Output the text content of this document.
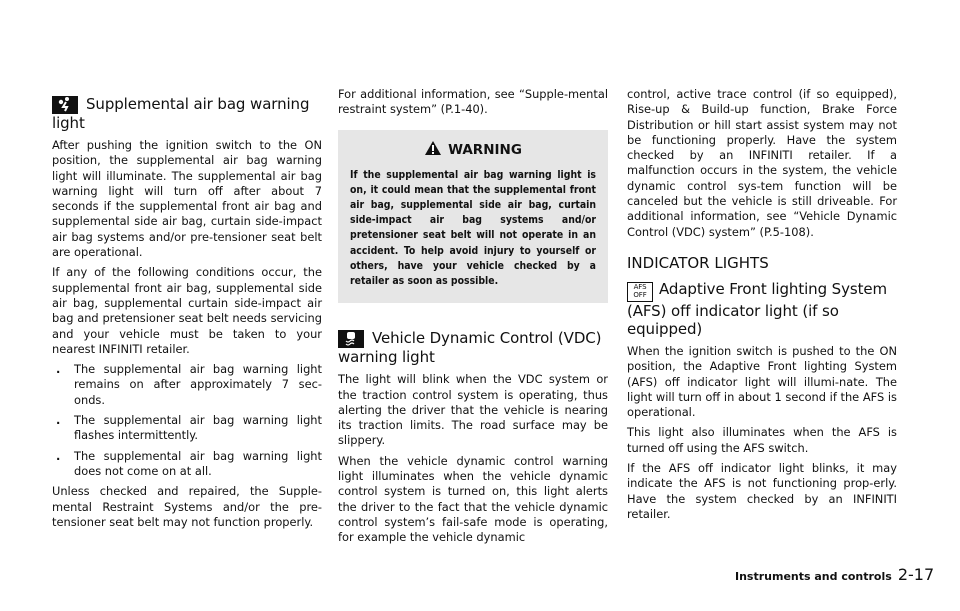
Supplemental air bag warning light

After pushing the ignition switch to the ON position, the supplemental air bag warning light will illuminate. The supplemental air bag warning light will turn off after about 7 seconds if the supplemental front air bag and supplemental side air bag, curtain side-impact air bag systems and/or pre-tensioner seat belt are operational.

If any of the following conditions occur, the supplemental front air bag, supplemental side air bag, supplemental curtain side-impact air bag and pretensioner seat belt needs servicing and your vehicle must be taken to your nearest INFINITI retailer.

. The supplemental air bag warning light remains on after approximately 7 sec-onds.
. The supplemental air bag warning light flashes intermittently.
. The supplemental air bag warning light does not come on at all.

Unless checked and repaired, the Supple-mental Restraint Systems and/or the pre-tensioner seat belt may not function properly.

For additional information, see “Supple-mental restraint system” (P.1-40).

WARNING

If the supplemental air bag warning light is on, it could mean that the supplemental front air bag, supplemental side air bag, curtain side-impact air bag systems and/or pretensioner seat belt will not operate in an accident. To help avoid injury to yourself or others, have your vehicle checked by a retailer as soon as possible.

Vehicle Dynamic Control (VDC) warning light

The light will blink when the VDC system or the traction control system is operating, thus alerting the driver that the vehicle is nearing its traction limits. The road surface may be slippery.

When the vehicle dynamic control warning light illuminates when the vehicle dynamic control system is turned on, this light alerts the driver to the fact that the vehicle dynamic control system’s fail-safe mode is operating, for example the vehicle dynamic

control, active trace control (if so equipped), Rise-up & Build-up function, Brake Force Distribution or hill start assist system may not be functioning properly. Have the system checked by an INFINITI retailer. If a malfunction occurs in the system, the vehicle dynamic control sys-tem function will be canceled but the vehicle is still driveable. For additional information, see “Vehicle Dynamic Control (VDC) system” (P.5-108).

INDICATOR LIGHTS
AFS
OFF Adaptive Front lighting System (AFS) off indicator light (if so equipped)

When the ignition switch is pushed to the ON position, the Adaptive Front lighting System (AFS) off indicator light will illumi-nate. The light will turn off in about 1 second if the AFS is operational.

This light also illuminates when the AFS is turned off using the AFS switch.

If the AFS off indicator light blinks, it may indicate the AFS is not functioning prop-erly. Have the system checked by an INFINITI retailer.

Instruments and controls 2-17
